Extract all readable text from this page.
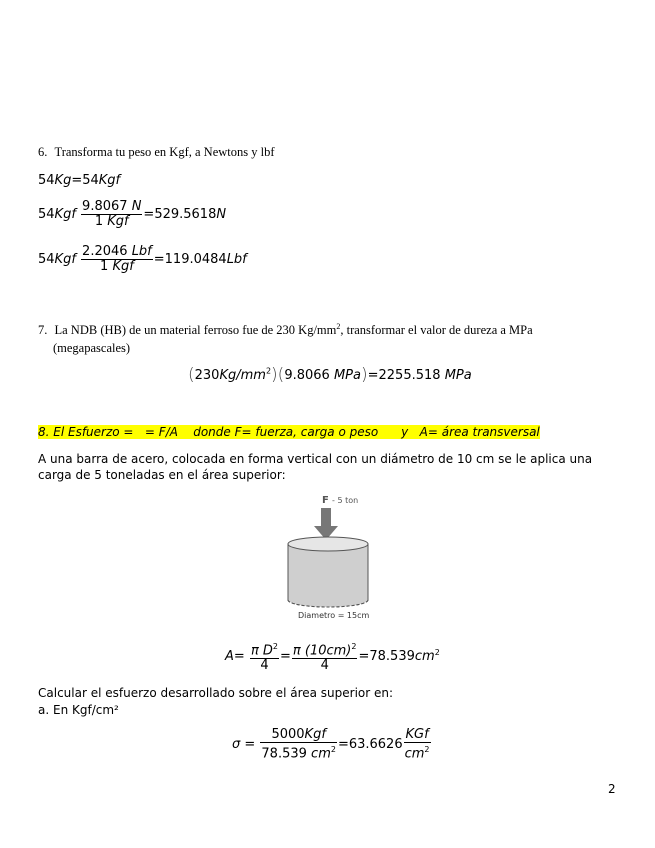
6. Transforma tu peso en Kgf, a Newtons y lbf
54Kg=54Kgf
$54Kgf \frac{9.8067 N}{\text{1 Kgf}} =529.5618N$
$54Kgf \frac{\text{2.2046 Lbf}}{\text{1 Kgf}} =119.0484Lbf$
7. La NDB (HB) de un material ferroso fue de 230 $Kg/mm^2$, transformar el valor de dureza a MPa
(megapascales)
$(230Kg/mm^2)(9.8066$ MPa)=2255.518 MPa
8. El Esfuerzo =   = F/A    donde F= fuerza, carga o peso      y   A= área transversal
A una barra de acero, colocada en forma vertical con un diámetro de 10 cm se le aplica una carga de 5 toneladas en el área superior:
F - 5 ton
Diametro = 15cm
$A= \frac{\pi D^2}{4} = \frac{\pi (10cm)^2}{4} =78.539cm^2$
Calcular el esfuerzo desarrollado sobre el área superior en:
a. En Kgf/cm²
$\sigma = \frac{\text{5000Kgf}}{78.539 cm^2} =63.6626 \frac{\text{KGf}}{cm^2}$
2
